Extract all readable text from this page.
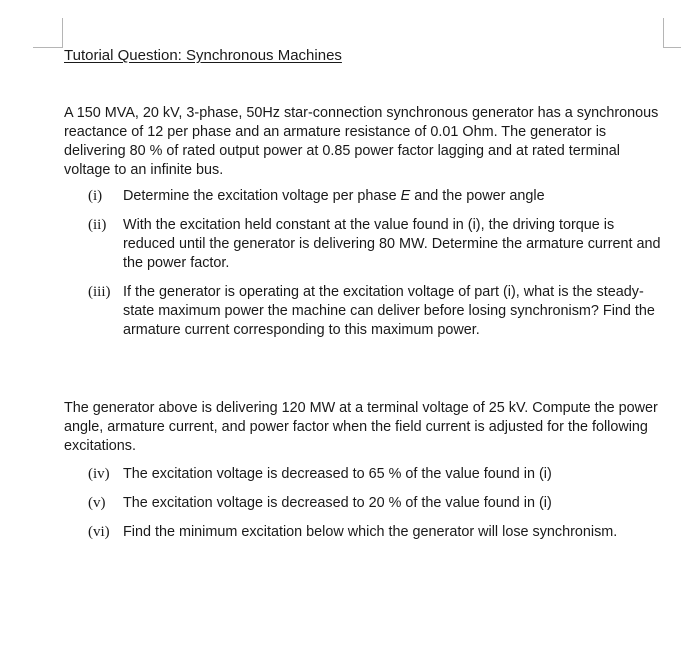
Tutorial Question: Synchronous Machines
A 150 MVA, 20 kV, 3-phase, 50Hz star-connection synchronous generator has a synchronous reactance of 12 per phase and an armature resistance of 0.01 Ohm. The generator is delivering 80 % of rated output power at 0.85 power factor lagging and at rated terminal voltage to an infinite bus.
(i) Determine the excitation voltage per phase E and the power angle
(ii) With the excitation held constant at the value found in (i), the driving torque is reduced until the generator is delivering 80 MW. Determine the armature current and the power factor.
(iii) If the generator is operating at the excitation voltage of part (i), what is the steady-state maximum power the machine can deliver before losing synchronism? Find the armature current corresponding to this maximum power.
The generator above is delivering 120 MW at a terminal voltage of 25 kV. Compute the power angle, armature current, and power factor when the field current is adjusted for the following excitations.
(iv) The excitation voltage is decreased to 65 % of the value found in (i)
(v) The excitation voltage is decreased to 20 % of the value found in (i)
(vi) Find the minimum excitation below which the generator will lose synchronism.
